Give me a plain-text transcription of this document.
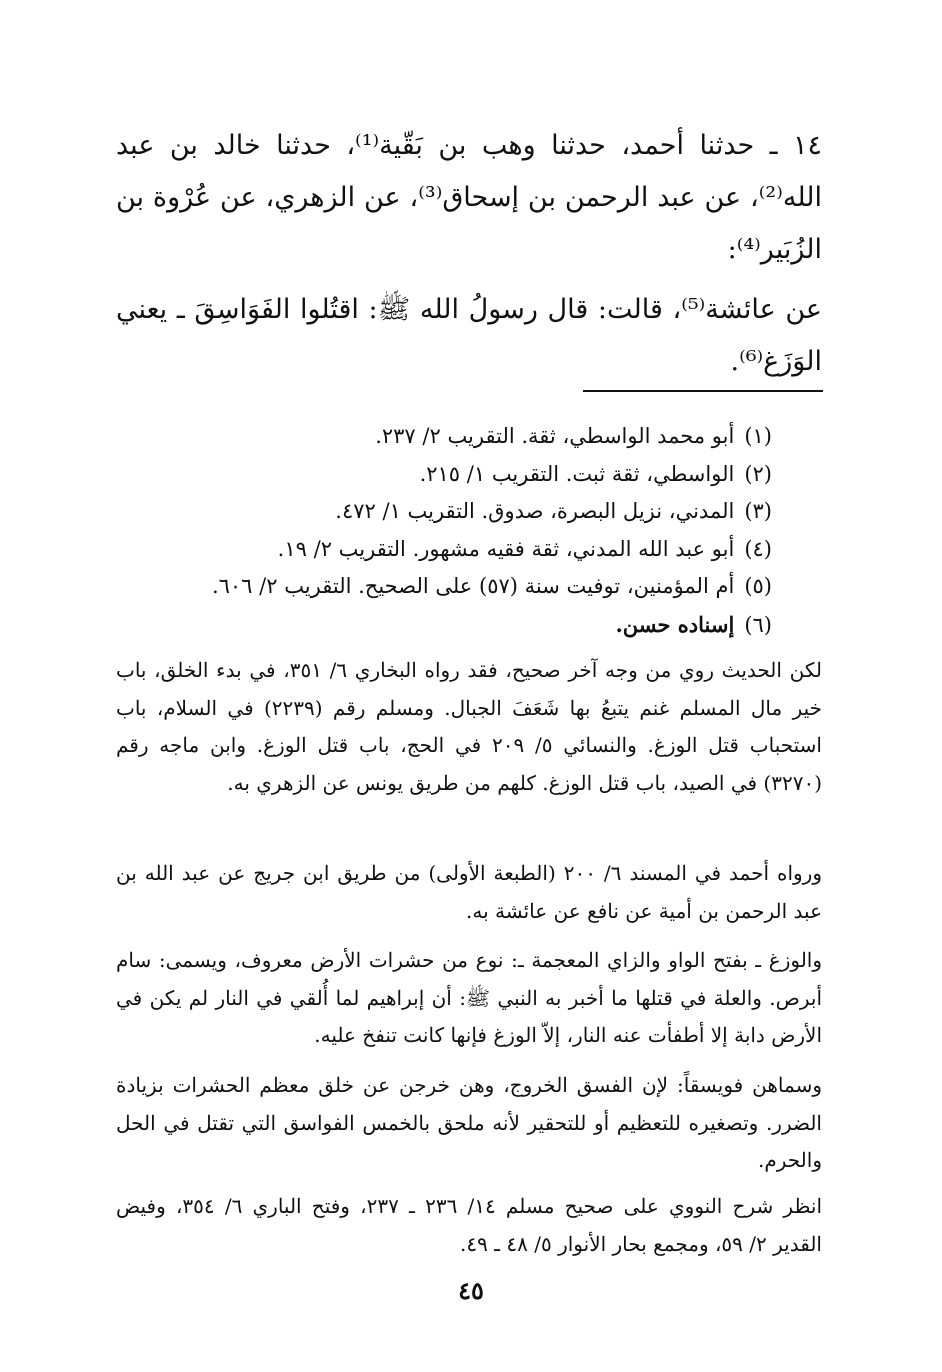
١٤ ـ حدثنا أحمد، حدثنا وهب بن بَقّية⁽¹⁾، حدثنا خالد بن عبد الله⁽²⁾، عن عبد الرحمن بن إسحاق⁽³⁾، عن الزهري، عن عُرْوة بن الزُبَير⁽⁴⁾:

عن عائشة⁽⁵⁾، قالت: قال رسولُ الله ﷺ: اقتُلوا الفَوَاسِقَ ـ يعني الوَزَغ⁽⁶⁾.

(١)أبو محمد الواسطي، ثقة. التقريب ٢/ ٢٣٧.
(٢)الواسطي، ثقة ثبت. التقريب ١/ ٢١٥.
(٣)المدني، نزيل البصرة، صدوق. التقريب ١/ ٤٧٢.
(٤)أبو عبد الله المدني، ثقة فقيه مشهور. التقريب ٢/ ١٩.
(٥)أم المؤمنين، توفيت سنة (٥٧) على الصحيح. التقريب ٢/ ٦٠٦.
(٦)إسناده حسن.

لكن الحديث روي من وجه آخر صحيح، فقد رواه البخاري ٦/ ٣٥١، في بدء الخلق، باب خير مال المسلم غنم يتبعُ بها شَعَفَ الجبال. ومسلم رقم (٢٢٣٩) في السلام، باب استحباب قتل الوزغ. والنسائي ٥/ ٢٠٩ في الحج، باب قتل الوزغ. وابن ماجه رقم (٣٢٧٠) في الصيد، باب قتل الوزغ. كلهم من طريق يونس عن الزهري به.

ورواه أحمد في المسند ٦/ ٢٠٠ (الطبعة الأولى) من طريق ابن جريج عن عبد الله بن عبد الرحمن بن أمية عن نافع عن عائشة به.

والوزغ ـ بفتح الواو والزاي المعجمة ـ: نوع من حشرات الأرض معروف، ويسمى: سام أبرص. والعلة في قتلها ما أخبر به النبي ﷺ: أن إبراهيم لما أُلقي في النار لم يكن في الأرض دابة إلا أطفأت عنه النار، إلاّ الوزغ فإنها كانت تنفخ عليه.

وسماهن فويسقاً: لإن الفسق الخروج، وهن خرجن عن خلق معظم الحشرات بزيادة الضرر. وتصغيره للتعظيم أو للتحقير لأنه ملحق بالخمس الفواسق التي تقتل في الحل والحرم.

انظر شرح النووي على صحيح مسلم ١٤/ ٢٣٦ ـ ٢٣٧، وفتح الباري ٦/ ٣٥٤، وفيض القدير ٢/ ٥٩، ومجمع بحار الأنوار ٥/ ٤٨ ـ ٤٩.

٤٥
